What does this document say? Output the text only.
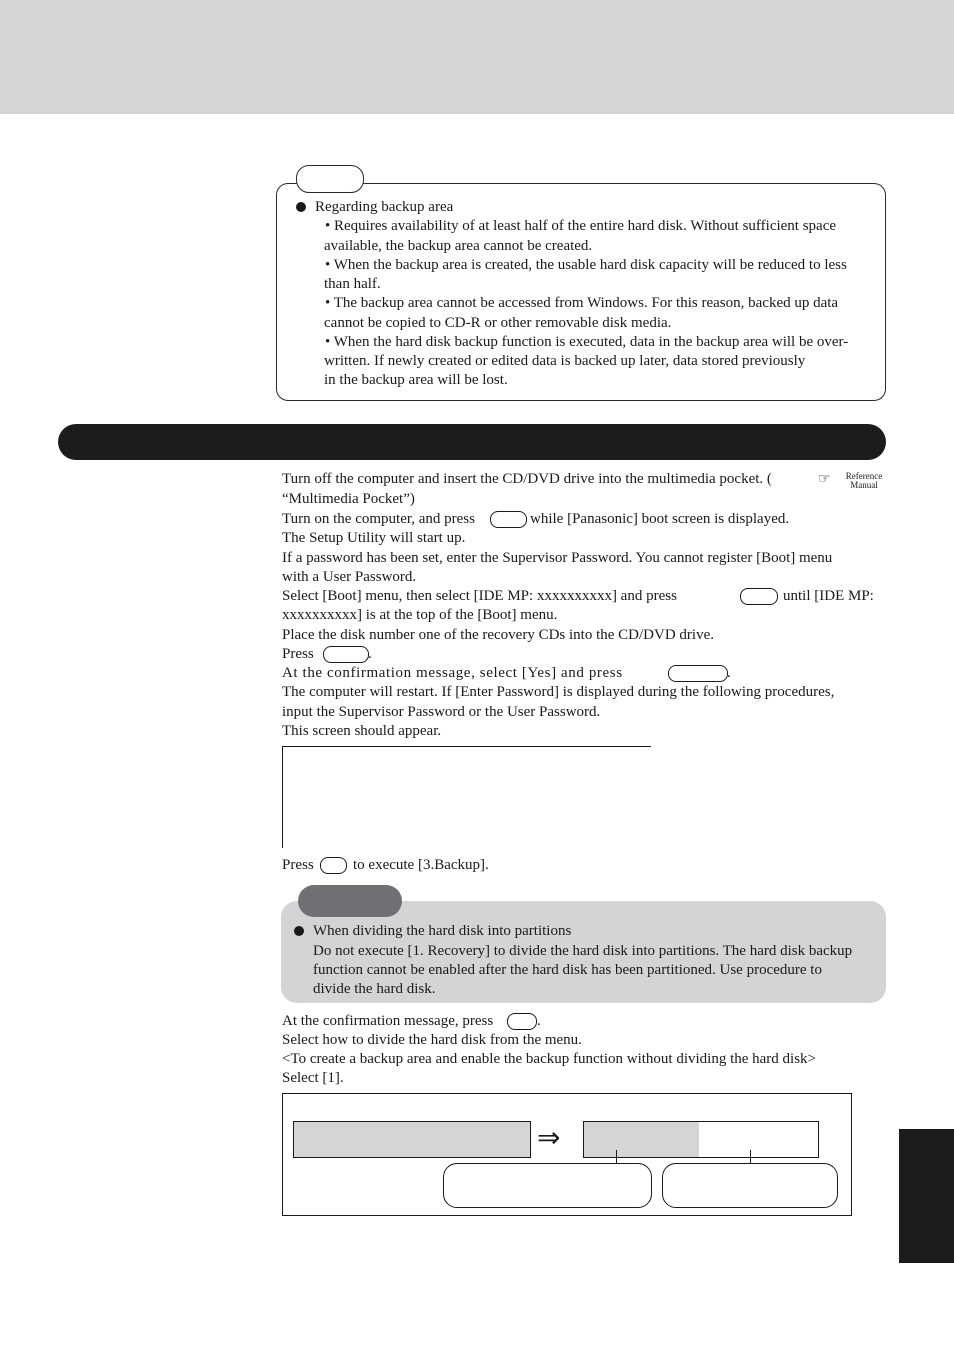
Regarding backup area
• Requires availability of at least half of the entire hard disk. Without sufficient space
available, the backup area cannot be created.
• When the backup area is created, the usable hard disk capacity will be reduced to less
than half.
• The backup area cannot be accessed from Windows. For this reason, backed up data
cannot be copied to CD-R or other removable disk media.
• When the hard disk backup function is executed, data in the backup area will be over-
written. If newly created or edited data is backed up later, data stored previously
in the backup area will be lost.
Turn off the computer and insert the CD/DVD drive into the multimedia pocket. (	☞	Reference
Manual
“Multimedia Pocket”)
Turn on the computer, and press	while [Panasonic] boot screen is displayed.
The Setup Utility will start up.
If a password has been set, enter the Supervisor Password. You cannot register [Boot] menu
with a User Password.
Select [Boot] menu, then select [IDE MP: xxxxxxxxxx] and press	until [IDE MP:
xxxxxxxxxx] is at the top of the [Boot] menu.
Place the disk number one of the recovery CDs into the CD/DVD drive.
Press	.
At the confirmation message, select [Yes] and press	.
The computer will restart. If [Enter Password] is displayed during the following procedures,
input the Supervisor Password or the User Password.
This screen should appear.
Press	to execute [3.Backup].
When dividing the hard disk into partitions
Do not execute [1. Recovery] to divide the hard disk into partitions. The hard disk backup
function cannot be enabled after the hard disk has been partitioned. Use procedure to
divide the hard disk.
At the confirmation message, press	.
Select how to divide the hard disk from the menu.
<To create a backup area and enable the backup function without dividing the hard disk>
Select [1].
⇒
